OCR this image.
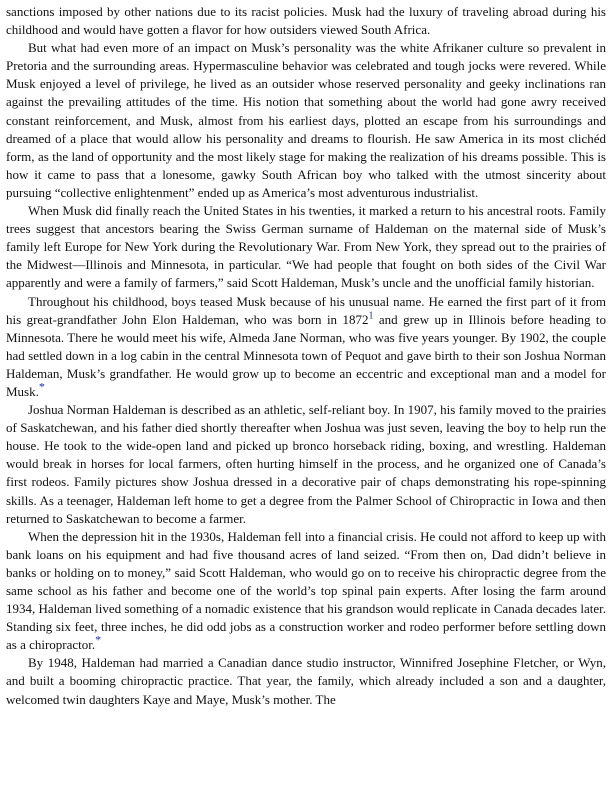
sanctions imposed by other nations due to its racist policies. Musk had the luxury of traveling abroad during his childhood and would have gotten a flavor for how outsiders viewed South Africa.

But what had even more of an impact on Musk’s personality was the white Afrikaner culture so prevalent in Pretoria and the surrounding areas. Hypermasculine behavior was celebrated and tough jocks were revered. While Musk enjoyed a level of privilege, he lived as an outsider whose reserved personality and geeky inclinations ran against the prevailing attitudes of the time. His notion that something about the world had gone awry received constant reinforcement, and Musk, almost from his earliest days, plotted an escape from his surroundings and dreamed of a place that would allow his personality and dreams to flourish. He saw America in its most clichéd form, as the land of opportunity and the most likely stage for making the realization of his dreams possible. This is how it came to pass that a lonesome, gawky South African boy who talked with the utmost sincerity about pursuing “collective enlightenment” ended up as America’s most adventurous industrialist.

When Musk did finally reach the United States in his twenties, it marked a return to his ancestral roots. Family trees suggest that ancestors bearing the Swiss German surname of Haldeman on the maternal side of Musk’s family left Europe for New York during the Revolutionary War. From New York, they spread out to the prairies of the Midwest—Illinois and Minnesota, in particular. “We had people that fought on both sides of the Civil War apparently and were a family of farmers,” said Scott Haldeman, Musk’s uncle and the unofficial family historian.

Throughout his childhood, boys teased Musk because of his unusual name. He earned the first part of it from his great-grandfather John Elon Haldeman, who was born in 1872$^1$ and grew up in Illinois before heading to Minnesota. There he would meet his wife, Almeda Jane Norman, who was five years younger. By 1902, the couple had settled down in a log cabin in the central Minnesota town of Pequot and gave birth to their son Joshua Norman Haldeman, Musk’s grandfather. He would grow up to become an eccentric and exceptional man and a model for Musk.*

Joshua Norman Haldeman is described as an athletic, self-reliant boy. In 1907, his family moved to the prairies of Saskatchewan, and his father died shortly thereafter when Joshua was just seven, leaving the boy to help run the house. He took to the wide-open land and picked up bronco horseback riding, boxing, and wrestling. Haldeman would break in horses for local farmers, often hurting himself in the process, and he organized one of Canada’s first rodeos. Family pictures show Joshua dressed in a decorative pair of chaps demonstrating his rope-spinning skills. As a teenager, Haldeman left home to get a degree from the Palmer School of Chiropractic in Iowa and then returned to Saskatchewan to become a farmer.

When the depression hit in the 1930s, Haldeman fell into a financial crisis. He could not afford to keep up with bank loans on his equipment and had five thousand acres of land seized. “From then on, Dad didn’t believe in banks or holding on to money,” said Scott Haldeman, who would go on to receive his chiropractic degree from the same school as his father and become one of the world’s top spinal pain experts. After losing the farm around 1934, Haldeman lived something of a nomadic existence that his grandson would replicate in Canada decades later. Standing six feet, three inches, he did odd jobs as a construction worker and rodeo performer before settling down as a chiropractor.*

By 1948, Haldeman had married a Canadian dance studio instructor, Winnifred Josephine Fletcher, or Wyn, and built a booming chiropractic practice. That year, the family, which already included a son and a daughter, welcomed twin daughters Kaye and Maye, Musk’s mother. The
